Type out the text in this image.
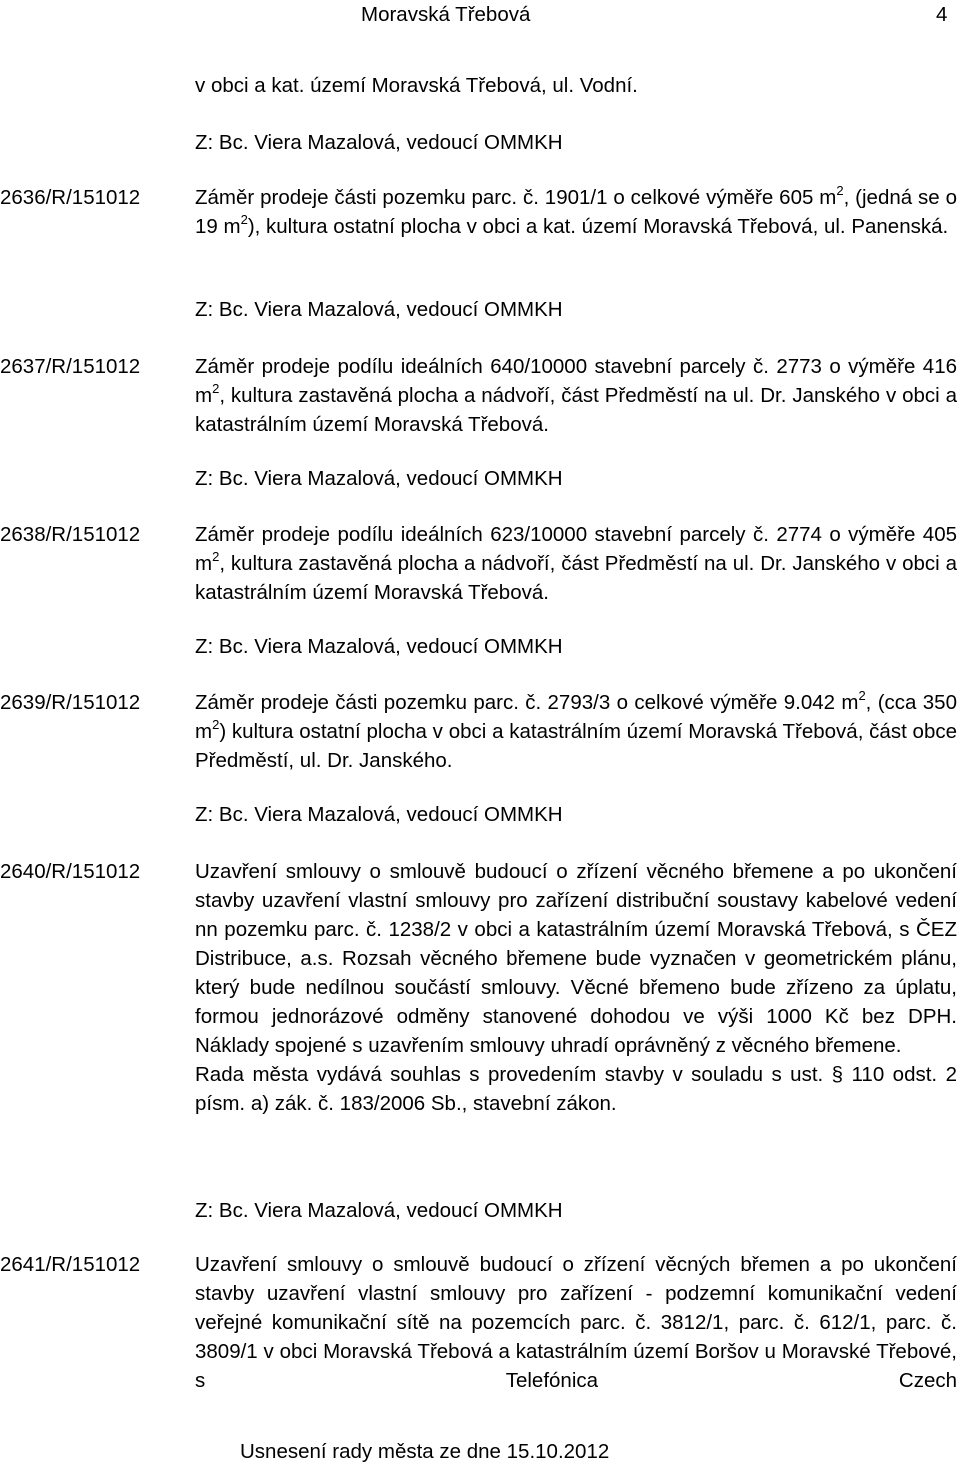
Moravská Třebová	4
v obci a kat. území Moravská Třebová, ul. Vodní.
Z: Bc. Viera Mazalová, vedoucí OMMKH
2636/R/151012	Záměr prodeje části pozemku parc. č. 1901/1 o celkové výměře 605 $m^2$, (jedná se o 19 $m^2$), kultura ostatní plocha v obci a kat. území Moravská Třebová, ul. Panenská.
Z: Bc. Viera Mazalová, vedoucí OMMKH
2637/R/151012	Záměr prodeje podílu ideálních 640/10000 stavební parcely č. 2773 o výměře 416 $m^2$, kultura zastavěná plocha a nádvoří, část Předměstí na ul. Dr. Janského v obci a katastrálním území Moravská Třebová.
Z: Bc. Viera Mazalová, vedoucí OMMKH
2638/R/151012	Záměr prodeje podílu ideálních 623/10000 stavební parcely č. 2774 o výměře 405 $m^2$, kultura zastavěná plocha a nádvoří, část Předměstí na ul. Dr. Janského v obci a katastrálním území Moravská Třebová.
Z: Bc. Viera Mazalová, vedoucí OMMKH
2639/R/151012	Záměr prodeje části pozemku parc. č. 2793/3 o celkové výměře 9.042 $m^2$, (cca 350 $m^2$) kultura ostatní plocha v obci a katastrálním území Moravská Třebová, část obce Předměstí, ul. Dr. Janského.
Z: Bc. Viera Mazalová, vedoucí OMMKH
2640/R/151012	Uzavření smlouvy o smlouvě budoucí o zřízení věcného břemene a po ukončení stavby uzavření vlastní smlouvy pro zařízení distribuční soustavy kabelové vedení nn pozemku parc. č. 1238/2 v obci a katastrálním území Moravská Třebová, s ČEZ Distribuce, a.s. Rozsah věcného břemene bude vyznačen v geometrickém plánu, který bude nedílnou součástí smlouvy. Věcné břemeno bude zřízeno za úplatu, formou jednorázové odměny stanovené dohodou ve výši 1000 Kč bez DPH. Náklady spojené s uzavřením smlouvy uhradí oprávněný z věcného břemene.

Rada města vydává souhlas s provedením stavby v souladu s ust. § 110 odst. 2 písm. a) zák. č. 183/2006 Sb., stavební zákon.

Z: Bc. Viera Mazalová, vedoucí OMMKH
2641/R/151012	Uzavření smlouvy o smlouvě budoucí o zřízení věcných břemen a po ukončení stavby uzavření vlastní smlouvy pro zařízení - podzemní komunikační vedení veřejné komunikační sítě na pozemcích parc. č. 3812/1, parc. č. 612/1, parc. č. 3809/1 v obci Moravská Třebová a katastrálním území Boršov u Moravské Třebové, s Telefónica Czech

Usnesení rady města ze dne 15.10.2012
